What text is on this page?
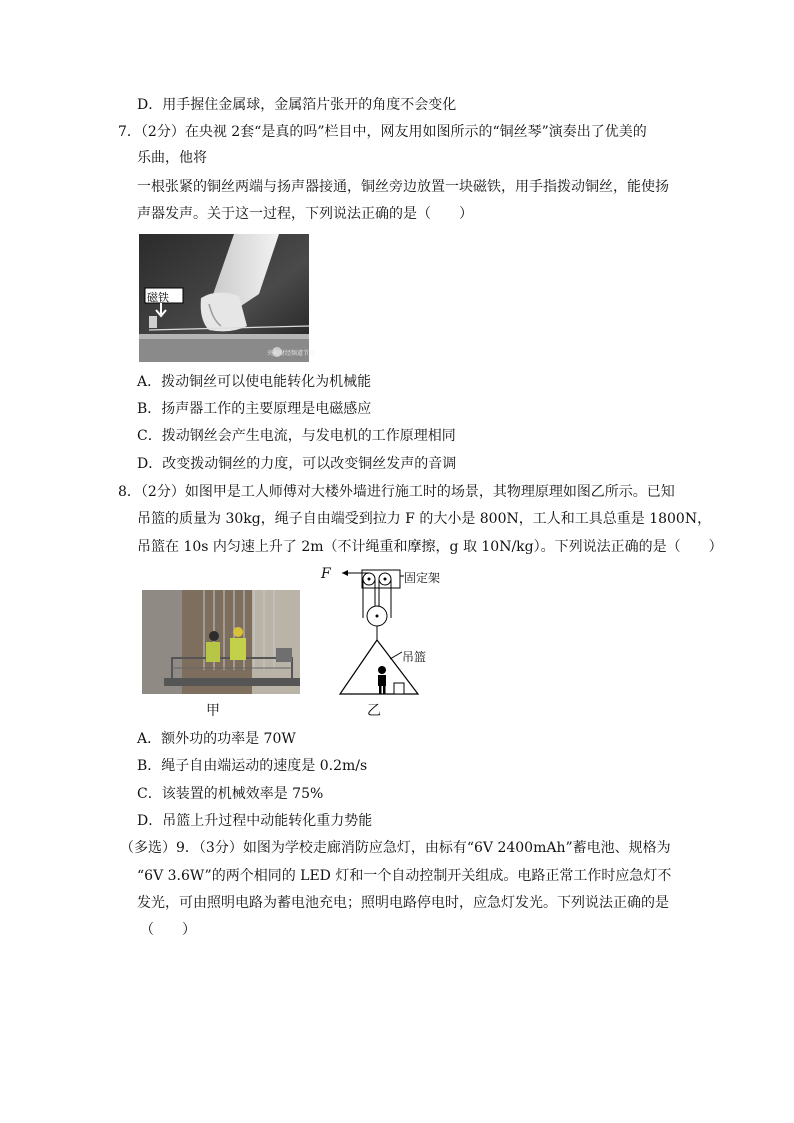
D．用手握住金属球，金属箔片张开的角度不会变化
7．（2分）在央视 2套“是真的吗”栏目中，网友用如图所示的“铜丝琴”演奏出了优美的
乐曲，他将
一根张紧的铜丝两端与扬声器接通，铜丝旁边放置一块磁铁，用手指拨动铜丝，能使扬
声器发声。关于这一过程，下列说法正确的是（　　）
磁铁
央视财经频道节目
A．拨动铜丝可以使电能转化为机械能
B．扬声器工作的主要原理是电磁感应
C．拨动钢丝会产生电流，与发电机的工作原理相同
D．改变拨动铜丝的力度，可以改变铜丝发声的音调
8．（2分）如图甲是工人师傅对大楼外墙进行施工时的场景，其物理原理如图乙所示。已知
吊篮的质量为 30kg，绳子自由端受到拉力 F 的大小是 800N，工人和工具总重是 1800N，
吊篮在 10s 内匀速上升了 2m（不计绳重和摩擦，g 取 10N/kg）。下列说法正确的是（　　）
甲
F	固定架
吊篮
乙
A．额外功的功率是 70W
B．绳子自由端运动的速度是 0.2m/s
C．该装置的机械效率是 75%
D．吊篮上升过程中动能转化重力势能
（多选）9．（3分）如图为学校走廊消防应急灯，由标有“6V 2400mAh”蓄电池、规格为
“6V 3.6W”的两个相同的 LED 灯和一个自动控制开关组成。电路正常工作时应急灯不
发光，可由照明电路为蓄电池充电；照明电路停电时，应急灯发光。下列说法正确的是
（　　）
